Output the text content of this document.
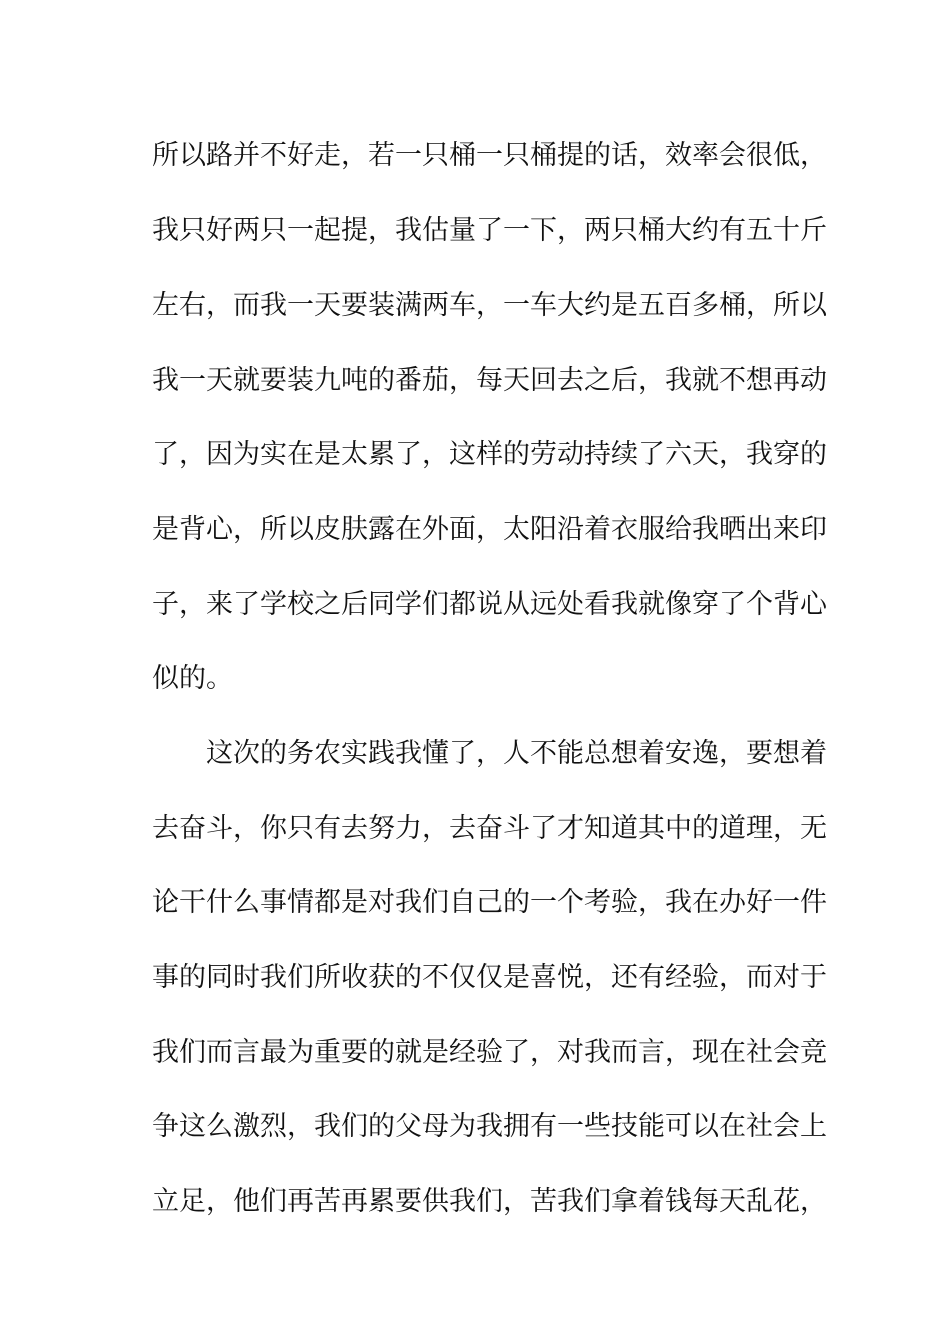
所以路并不好走，若一只桶一只桶提的话，效率会很低，
我只好两只一起提，我估量了一下，两只桶大约有五十斤
左右，而我一天要装满两车，一车大约是五百多桶，所以
我一天就要装九吨的番茄，每天回去之后，我就不想再动
了，因为实在是太累了，这样的劳动持续了六天，我穿的
是背心，所以皮肤露在外面，太阳沿着衣服给我晒出来印
子，来了学校之后同学们都说从远处看我就像穿了个背心
似的。
　　这次的务农实践我懂了，人不能总想着安逸，要想着
去奋斗，你只有去努力，去奋斗了才知道其中的道理，无
论干什么事情都是对我们自己的一个考验，我在办好一件
事的同时我们所收获的不仅仅是喜悦，还有经验，而对于
我们而言最为重要的就是经验了，对我而言，现在社会竞
争这么激烈，我们的父母为我拥有一些技能可以在社会上
立足，他们再苦再累要供我们，苦我们拿着钱每天乱花，
